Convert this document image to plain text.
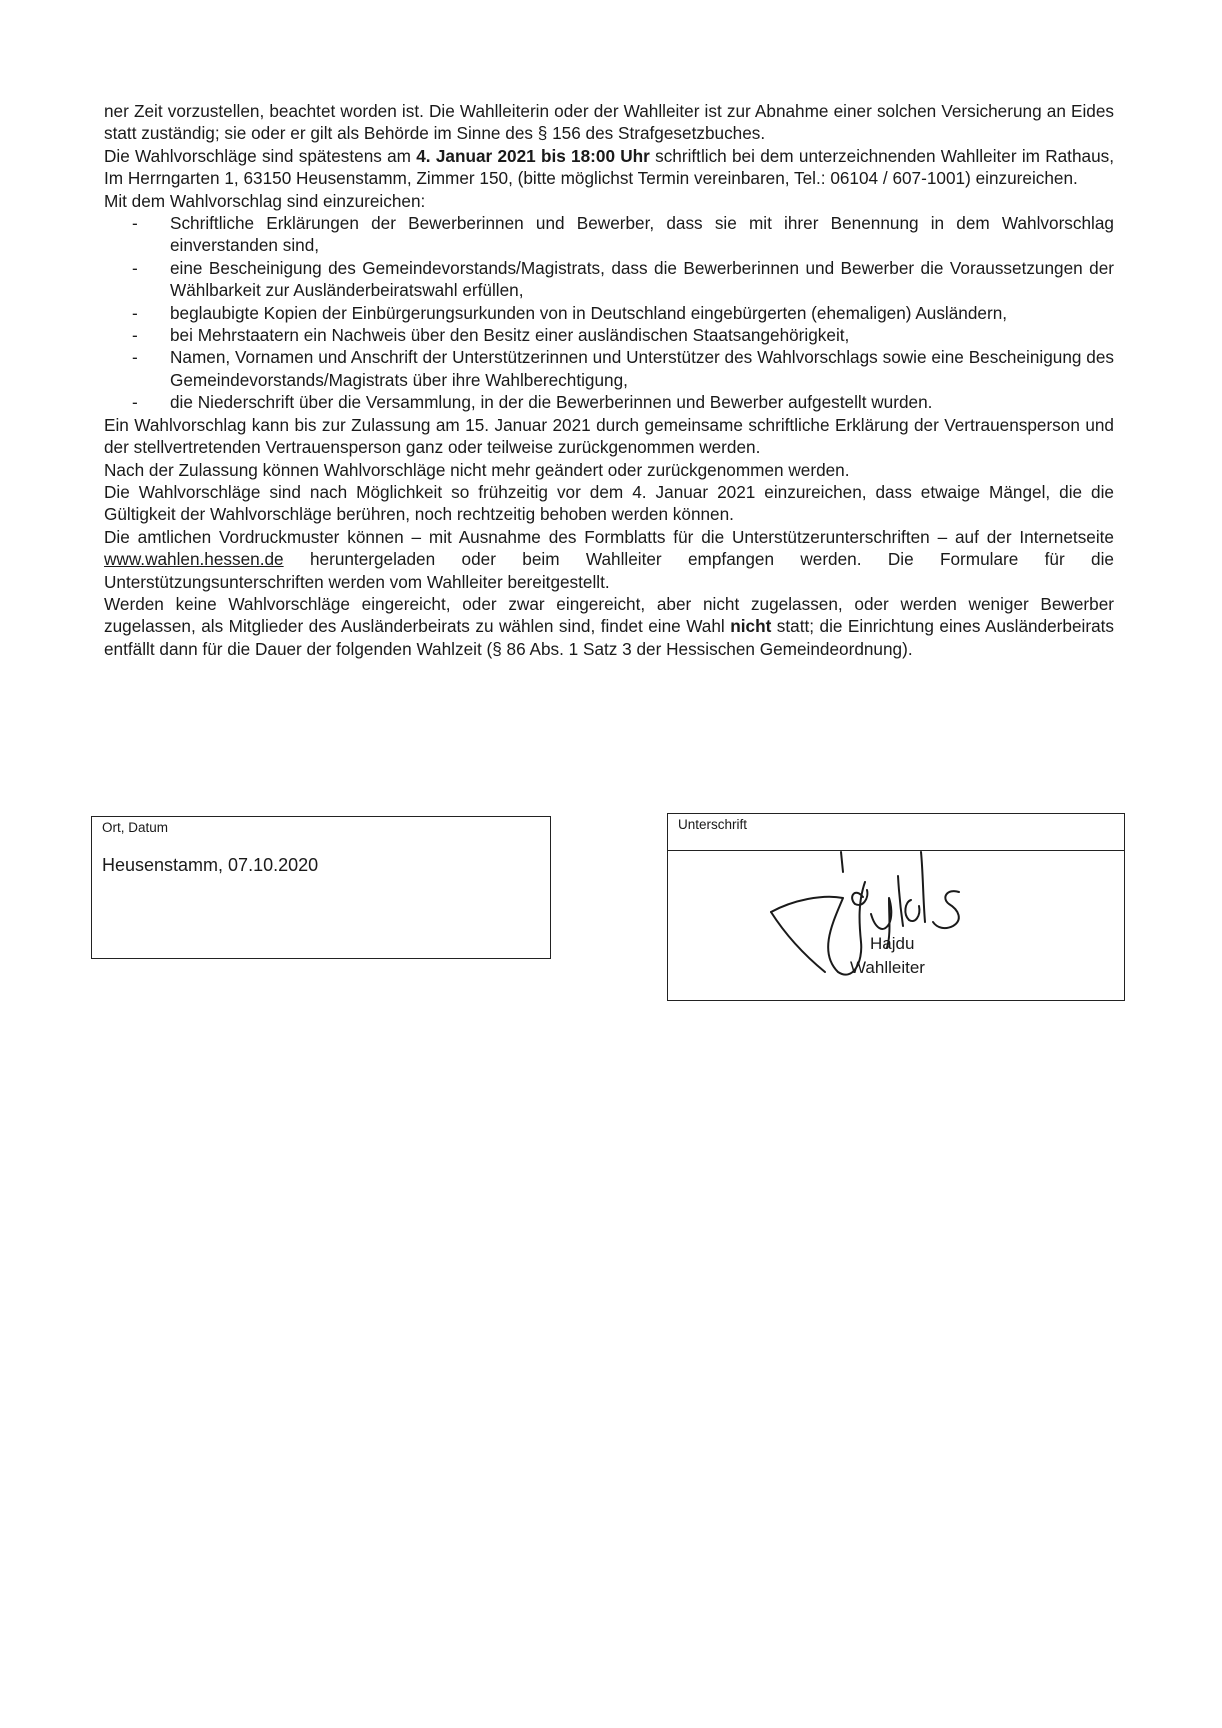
ner Zeit vorzustellen, beachtet worden ist. Die Wahlleiterin oder der Wahlleiter ist zur Abnahme einer solchen Versicherung an Eides statt zuständig; sie oder er gilt als Behörde im Sinne des § 156 des Strafgesetzbuches.

Die Wahlvorschläge sind spätestens am 4. Januar 2021 bis 18:00 Uhr schriftlich bei dem unterzeichnenden Wahlleiter im Rathaus, Im Herrngarten 1, 63150 Heusenstamm, Zimmer 150, (bitte möglichst Termin vereinbaren, Tel.: 06104 / 607-1001) einzureichen.

Mit dem Wahlvorschlag sind einzureichen:

- Schriftliche Erklärungen der Bewerberinnen und Bewerber, dass sie mit ihrer Benennung in dem Wahlvorschlag einverstanden sind,
- eine Bescheinigung des Gemeindevorstands/Magistrats, dass die Bewerberinnen und Bewerber die Voraussetzungen der Wählbarkeit zur Ausländerbeiratswahl erfüllen,
- beglaubigte Kopien der Einbürgerungsurkunden von in Deutschland eingebürgerten (ehemaligen) Ausländern,
- bei Mehrstaatern ein Nachweis über den Besitz einer ausländischen Staatsangehörigkeit,
- Namen, Vornamen und Anschrift der Unterstützerinnen und Unterstützer des Wahlvorschlags sowie eine Bescheinigung des Gemeindevorstands/Magistrats über ihre Wahlberechtigung,
- die Niederschrift über die Versammlung, in der die Bewerberinnen und Bewerber aufgestellt wurden.

Ein Wahlvorschlag kann bis zur Zulassung am 15. Januar 2021 durch gemeinsame schriftliche Erklärung der Vertrauensperson und der stellvertretenden Vertrauensperson ganz oder teilweise zurückgenommen werden.

Nach der Zulassung können Wahlvorschläge nicht mehr geändert oder zurückgenommen werden.

Die Wahlvorschläge sind nach Möglichkeit so frühzeitig vor dem 4. Januar 2021 einzureichen, dass etwaige Mängel, die die Gültigkeit der Wahlvorschläge berühren, noch rechtzeitig behoben werden können.

Die amtlichen Vordruckmuster können – mit Ausnahme des Formblatts für die Unterstützerunterschriften – auf der Internetseite www.wahlen.hessen.de heruntergeladen oder beim Wahlleiter empfangen werden. Die Formulare für die Unterstützungsunterschriften werden vom Wahlleiter bereitgestellt.

Werden keine Wahlvorschläge eingereicht, oder zwar eingereicht, aber nicht zugelassen, oder werden weniger Bewerber zugelassen, als Mitglieder des Ausländerbeirats zu wählen sind, findet eine Wahl nicht statt; die Einrichtung eines Ausländerbeirats entfällt dann für die Dauer der folgenden Wahlzeit (§ 86 Abs. 1 Satz 3 der Hessischen Gemeindeordnung).

Ort, Datum
Heusenstamm, 07.10.2020
Unterschrift
Hajdu
Wahlleiter
